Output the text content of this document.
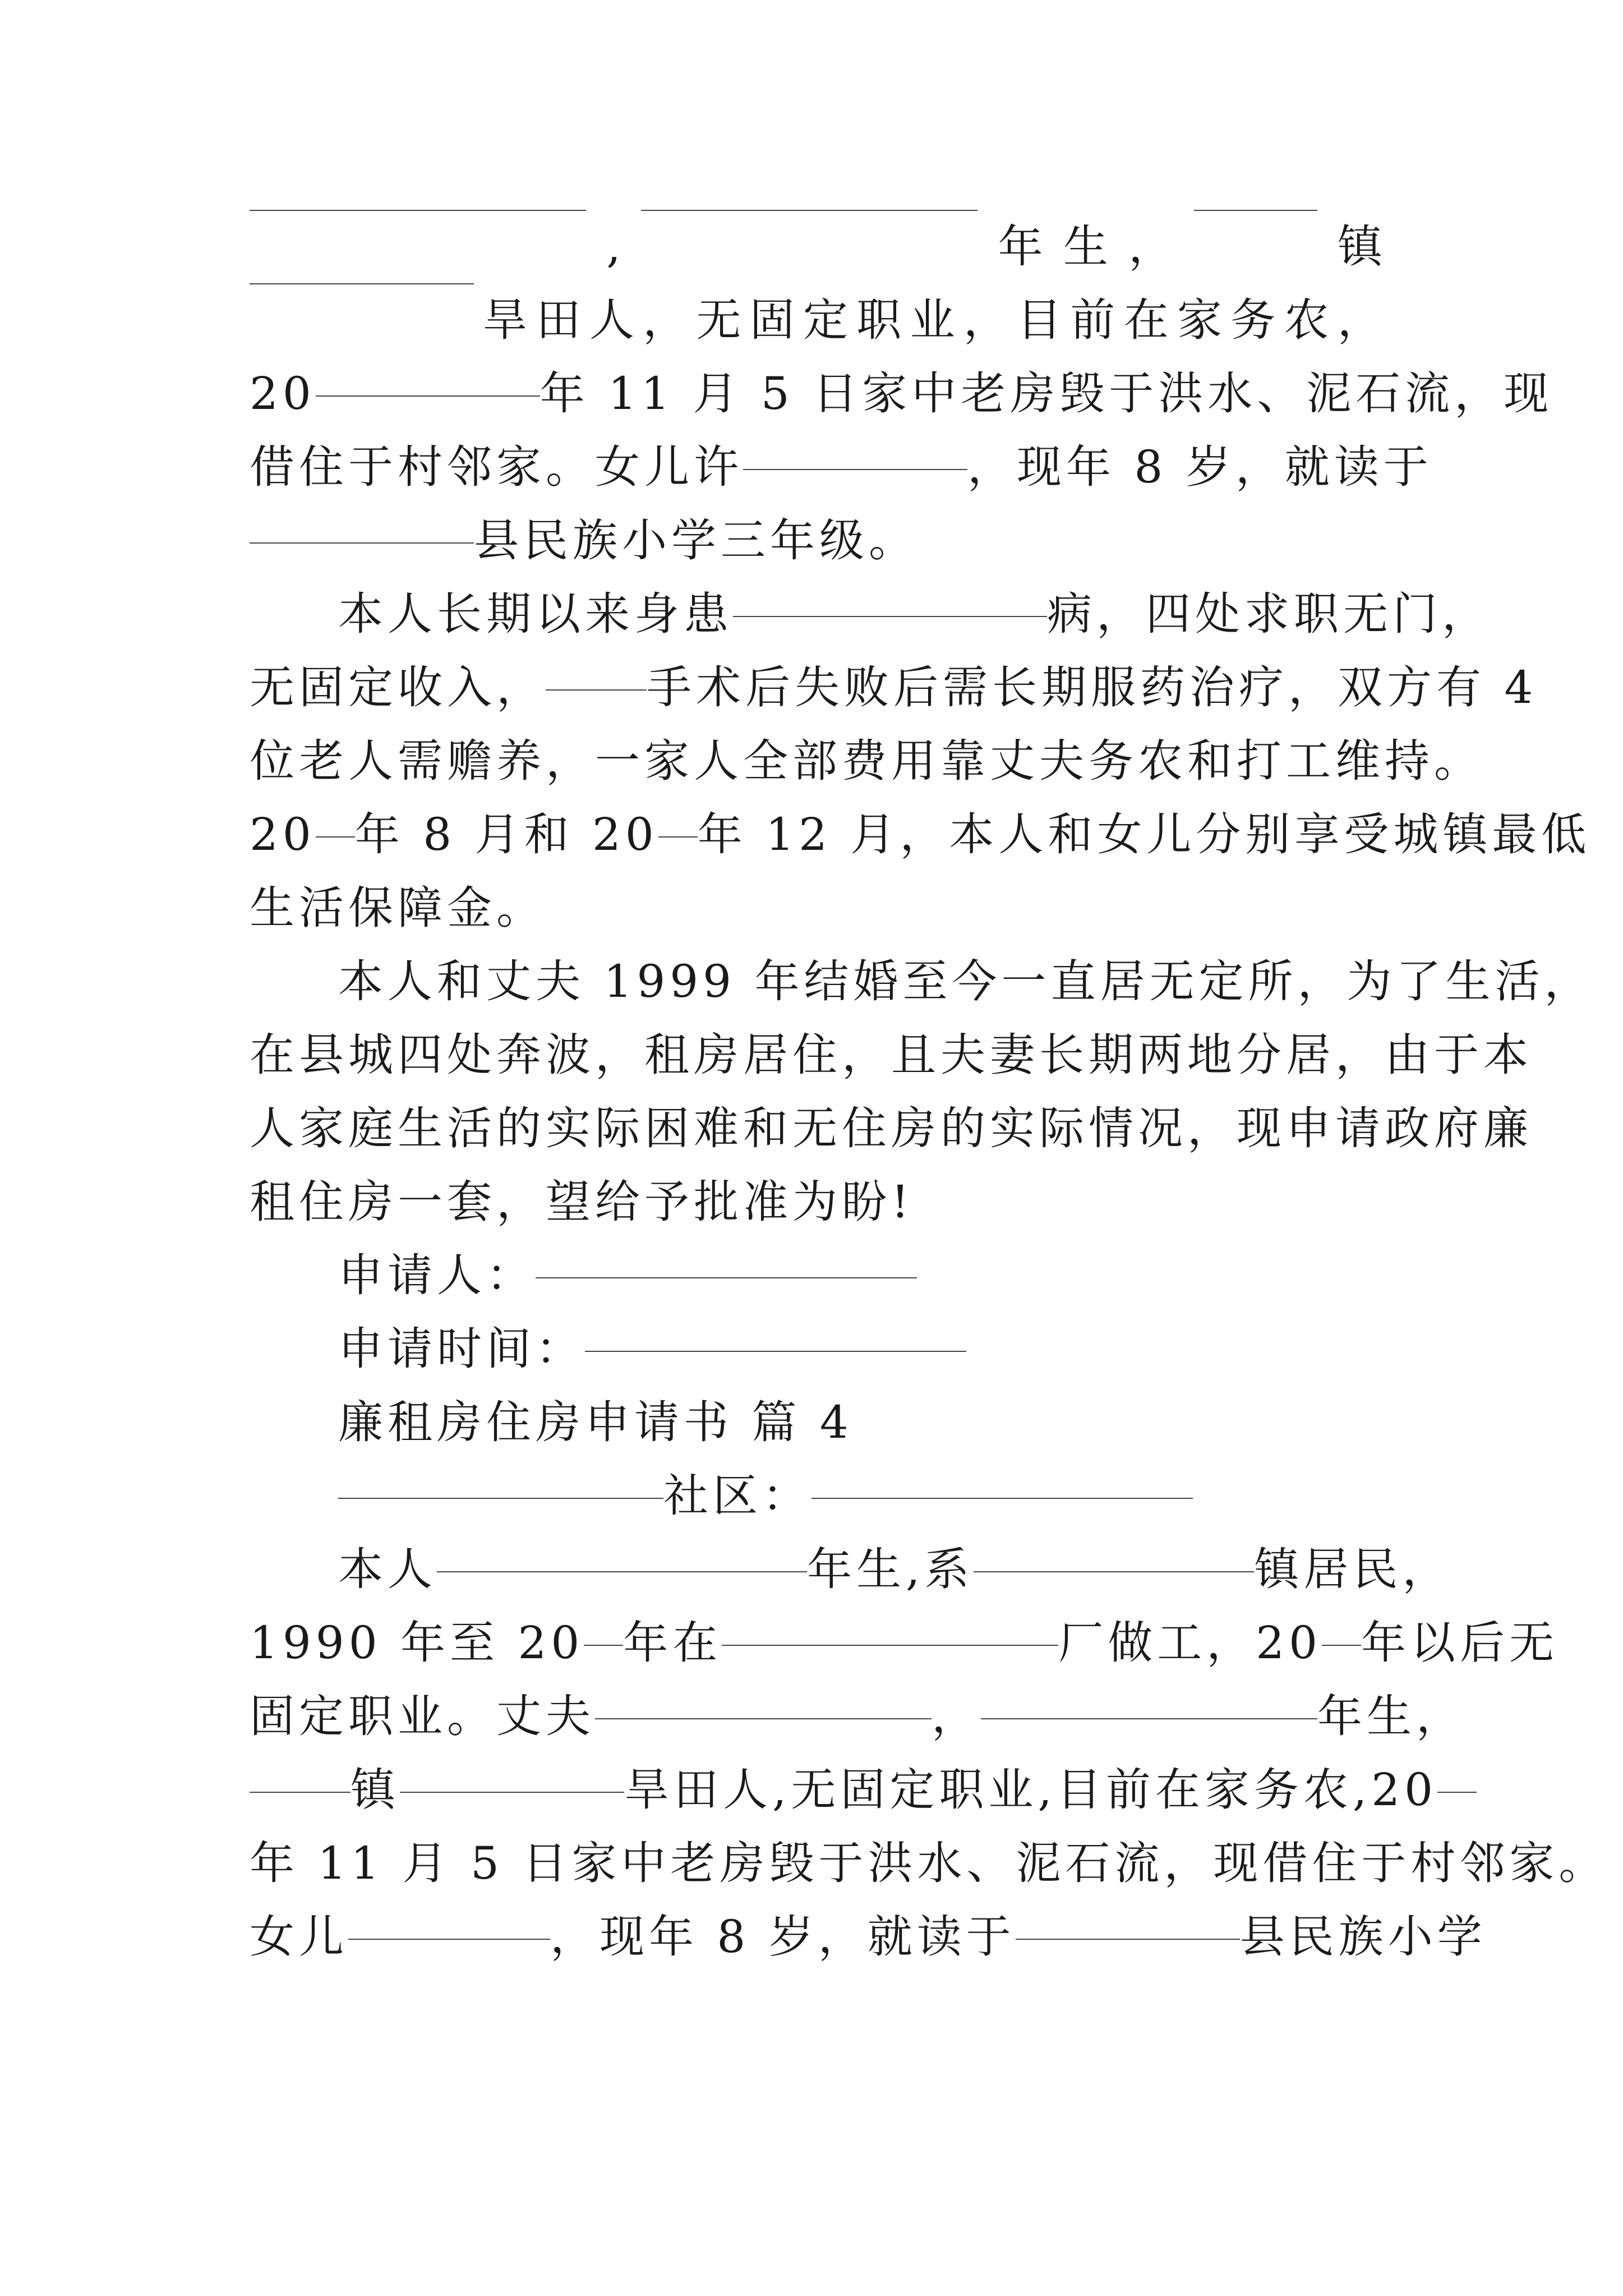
,	年 生 ，	镇
旱 田 人 ， 无 固 定 职 业 ， 目 前 在 家 务 农 ，
20	年 11 月 5 日家中老房毁于洪水、泥石流，现
借住于村邻家。女儿许	，现年 8 岁，就读于
县民族小学三年级。
本人长期以来身患	病，四处求职无门，
无固定收入， 手术后失败后需长期服药治疗，双方有 4
位老人需赡养，一家人全部费用靠丈夫务农和打工维持。
20 年 8 月和 20 年 12 月，本人和女儿分别享受城镇最低
生活保障金。
本人和丈夫 1999 年结婚至今一直居无定所，为了生活，
在县城四处奔波，租房居住，且夫妻长期两地分居，由于本
人家庭生活的实际困难和无住房的实际情况，现申请政府廉
租住房一套，望给予批准为盼!
申请人：
申请时间：
廉租房住房申请书 篇 4
社区：
本人	年生,系	镇居民，
1990 年至 20 年在	厂做工，20 年以后无
固定职业。丈夫	，	年生，
镇	旱田人,无固定职业,目前在家务农,20
年 11 月 5 日家中老房毁于洪水、泥石流，现借住于村邻家。
女儿	，现年 8 岁，就读于	县民族小学
